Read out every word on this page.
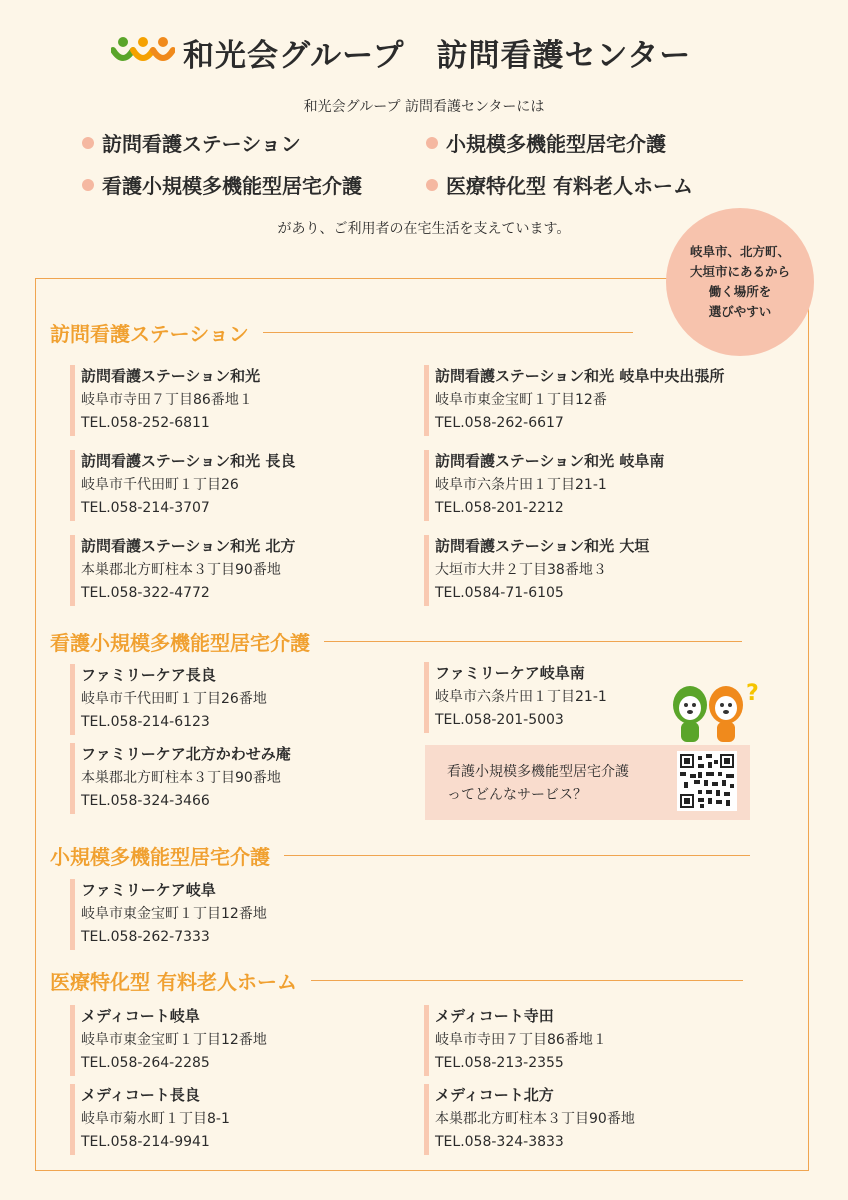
和光会グループ　訪問看護センター
和光会グループ 訪問看護センターには
訪問看護ステーション	小規模多機能型居宅介護
看護小規模多機能型居宅介護	医療特化型 有料老人ホーム
があり、ご利用者の在宅生活を支えています。
岐阜市、北方町、
大垣市にあるから
働く場所を
選びやすい
訪問看護ステーション
訪問看護ステーション和光
岐阜市寺田７丁目86番地１
TEL.058-252-6811
訪問看護ステーション和光 岐阜中央出張所
岐阜市東金宝町１丁目12番
TEL.058-262-6617
訪問看護ステーション和光 長良
岐阜市千代田町１丁目26
TEL.058-214-3707
訪問看護ステーション和光 岐阜南
岐阜市六条片田１丁目21-1
TEL.058-201-2212
訪問看護ステーション和光 北方
本巣郡北方町柱本３丁目90番地
TEL.058-322-4772
訪問看護ステーション和光 大垣
大垣市大井２丁目38番地３
TEL.0584-71-6105
看護小規模多機能型居宅介護
ファミリーケア長良
岐阜市千代田町１丁目26番地
TEL.058-214-6123
ファミリーケア岐阜南
岐阜市六条片田１丁目21-1
TEL.058-201-5003
ファミリーケア北方かわせみ庵
本巣郡北方町柱本３丁目90番地
TEL.058-324-3466
?
看護小規模多機能型居宅介護
ってどんなサービス？
小規模多機能型居宅介護
ファミリーケア岐阜
岐阜市東金宝町１丁目12番地
TEL.058-262-7333
医療特化型 有料老人ホーム
メディコート岐阜
岐阜市東金宝町１丁目12番地
TEL.058-264-2285
メディコート寺田
岐阜市寺田７丁目86番地１
TEL.058-213-2355
メディコート長良
岐阜市菊水町１丁目8-1
TEL.058-214-9941
メディコート北方
本巣郡北方町柱本３丁目90番地
TEL.058-324-3833
